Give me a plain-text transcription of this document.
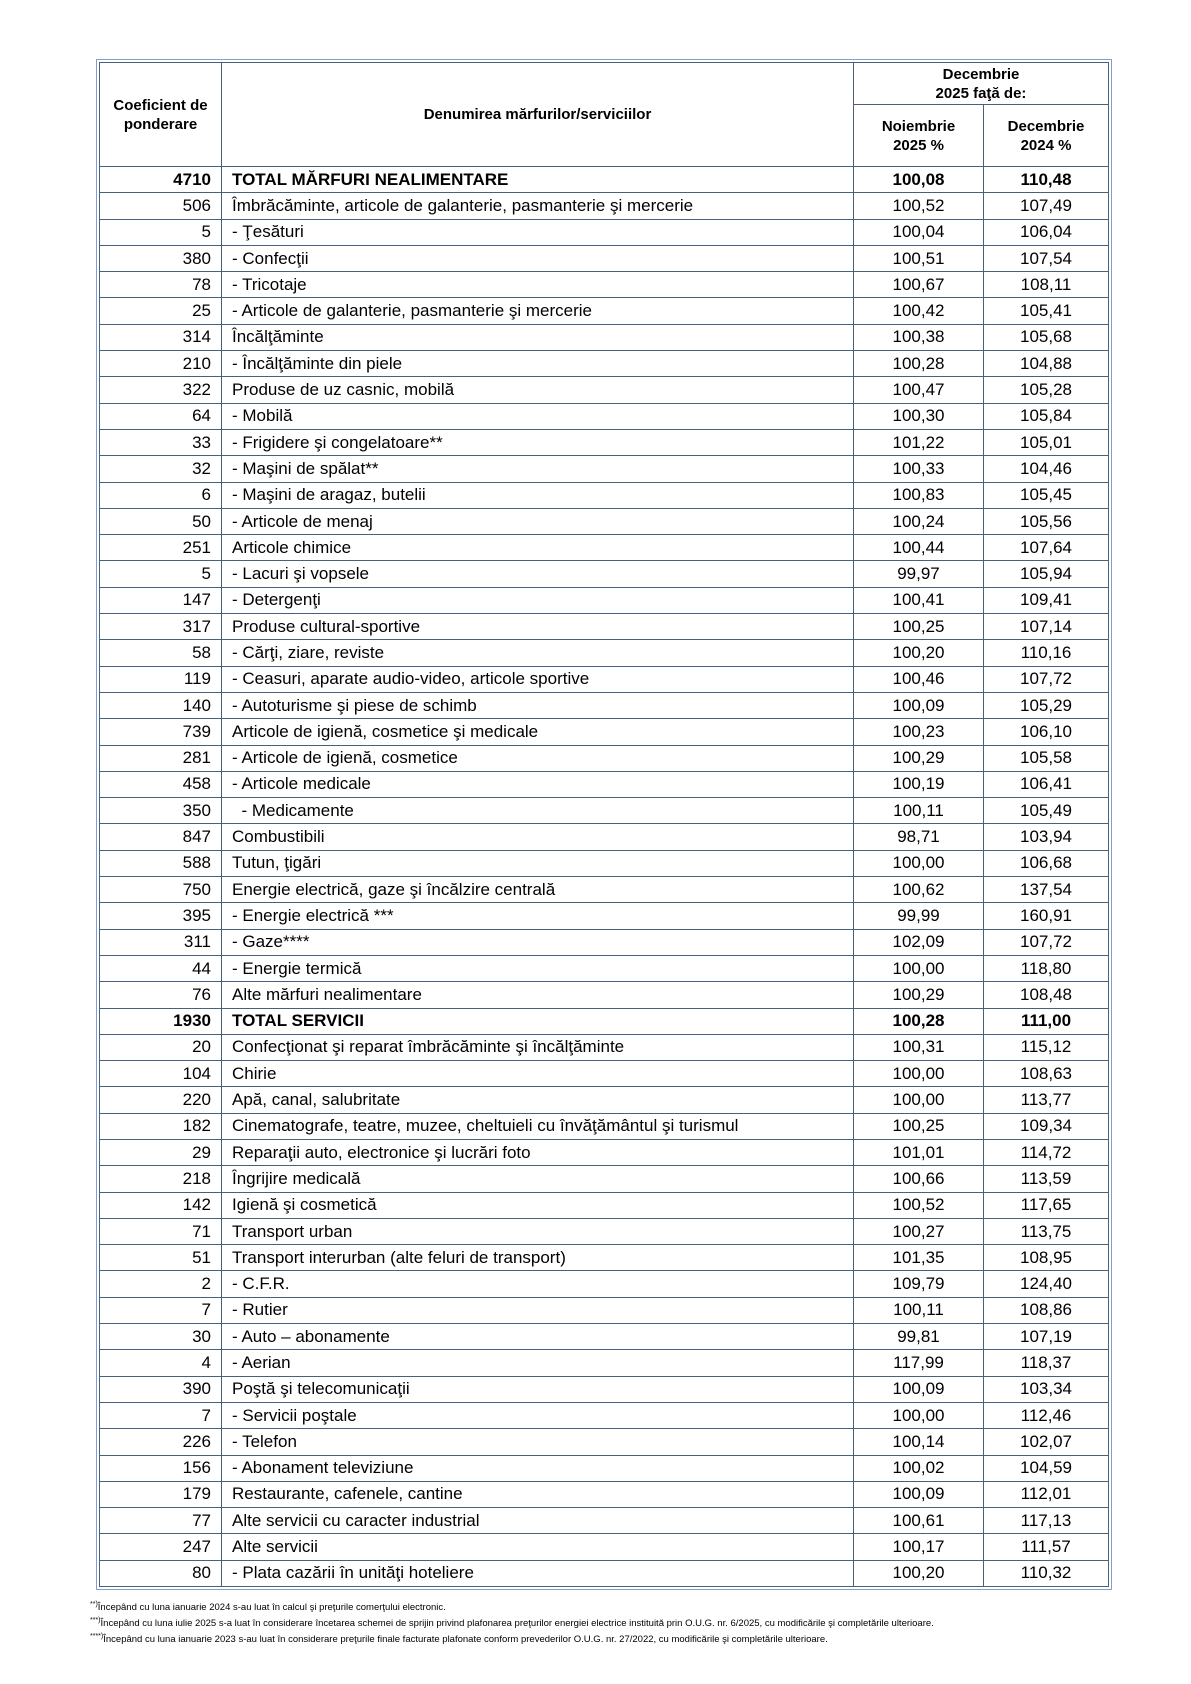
Coeficient de ponderare	Denumirea mărfurilor/serviciilor	Decembrie 2025 faţă de:	
		Noiembrie 2025 %	Decembrie 2024 %
4710	TOTAL MĂRFURI NEALIMENTARE	100,08	110,48
506	Îmbrăcăminte, articole de galanterie, pasmanterie şi mercerie	100,52	107,49
5	- Ţesături	100,04	106,04
380	- Confecţii	100,51	107,54
78	- Tricotaje	100,67	108,11
25	- Articole de galanterie, pasmanterie şi mercerie	100,42	105,41
314	Încălţăminte	100,38	105,68
210	- Încălţăminte din piele	100,28	104,88
322	Produse de uz casnic, mobilă	100,47	105,28
64	- Mobilă	100,30	105,84
33	- Frigidere şi congelatoare**	101,22	105,01
32	- Maşini de spălat**	100,33	104,46
6	- Maşini de aragaz, butelii	100,83	105,45
50	- Articole de menaj	100,24	105,56
251	Articole chimice	100,44	107,64
5	- Lacuri şi vopsele	99,97	105,94
147	- Detergenţi	100,41	109,41
317	Produse cultural-sportive	100,25	107,14
58	- Cărţi, ziare, reviste	100,20	110,16
119	- Ceasuri, aparate audio-video, articole sportive	100,46	107,72
140	- Autoturisme şi piese de schimb	100,09	105,29
739	Articole de igienă, cosmetice şi medicale	100,23	106,10
281	- Articole de igienă, cosmetice	100,29	105,58
458	- Articole medicale	100,19	106,41
350	- Medicamente	100,11	105,49
847	Combustibili	98,71	103,94
588	Tutun, ţigări	100,00	106,68
750	Energie electrică, gaze şi încălzire centrală	100,62	137,54
395	- Energie electrică ***	99,99	160,91
311	- Gaze****	102,09	107,72
44	- Energie termică	100,00	118,80
76	Alte mărfuri nealimentare	100,29	108,48
1930	TOTAL SERVICII	100,28	111,00
20	Confecţionat şi reparat îmbrăcăminte şi încălţăminte	100,31	115,12
104	Chirie	100,00	108,63
220	Apă, canal, salubritate	100,00	113,77
182	Cinematografe, teatre, muzee, cheltuieli cu învăţământul şi turismul	100,25	109,34
29	Reparaţii auto, electronice şi lucrări foto	101,01	114,72
218	Îngrijire medicală	100,66	113,59
142	Igienă şi cosmetică	100,52	117,65
71	Transport urban	100,27	113,75
51	Transport interurban (alte feluri de transport)	101,35	108,95
2	- C.F.R.	109,79	124,40
7	- Rutier	100,11	108,86
30	- Auto – abonamente	99,81	107,19
4	- Aerian	117,99	118,37
390	Poştă şi telecomunicaţii	100,09	103,34
7	- Servicii poştale	100,00	112,46
226	- Telefon	100,14	102,07
156	- Abonament televiziune	100,02	104,59
179	Restaurante, cafenele, cantine	100,09	112,01
77	Alte servicii cu caracter industrial	100,61	117,13
247	Alte servicii	100,17	111,57
80	- Plata cazării în unităţi hoteliere	100,20	110,32
**)Începând cu luna ianuarie 2024 s-au luat în calcul şi preţurile comerţului electronic.
***)Începând cu luna iulie 2025 s-a luat în considerare încetarea schemei de sprijin privind plafonarea preţurilor energiei electrice instituită prin O.U.G. nr. 6/2025, cu modificările şi completările ulterioare.
****)Începând cu luna ianuarie 2023 s-au luat în considerare preţurile finale facturate plafonate conform prevederilor O.U.G. nr. 27/2022, cu modificările şi completările ulterioare.
